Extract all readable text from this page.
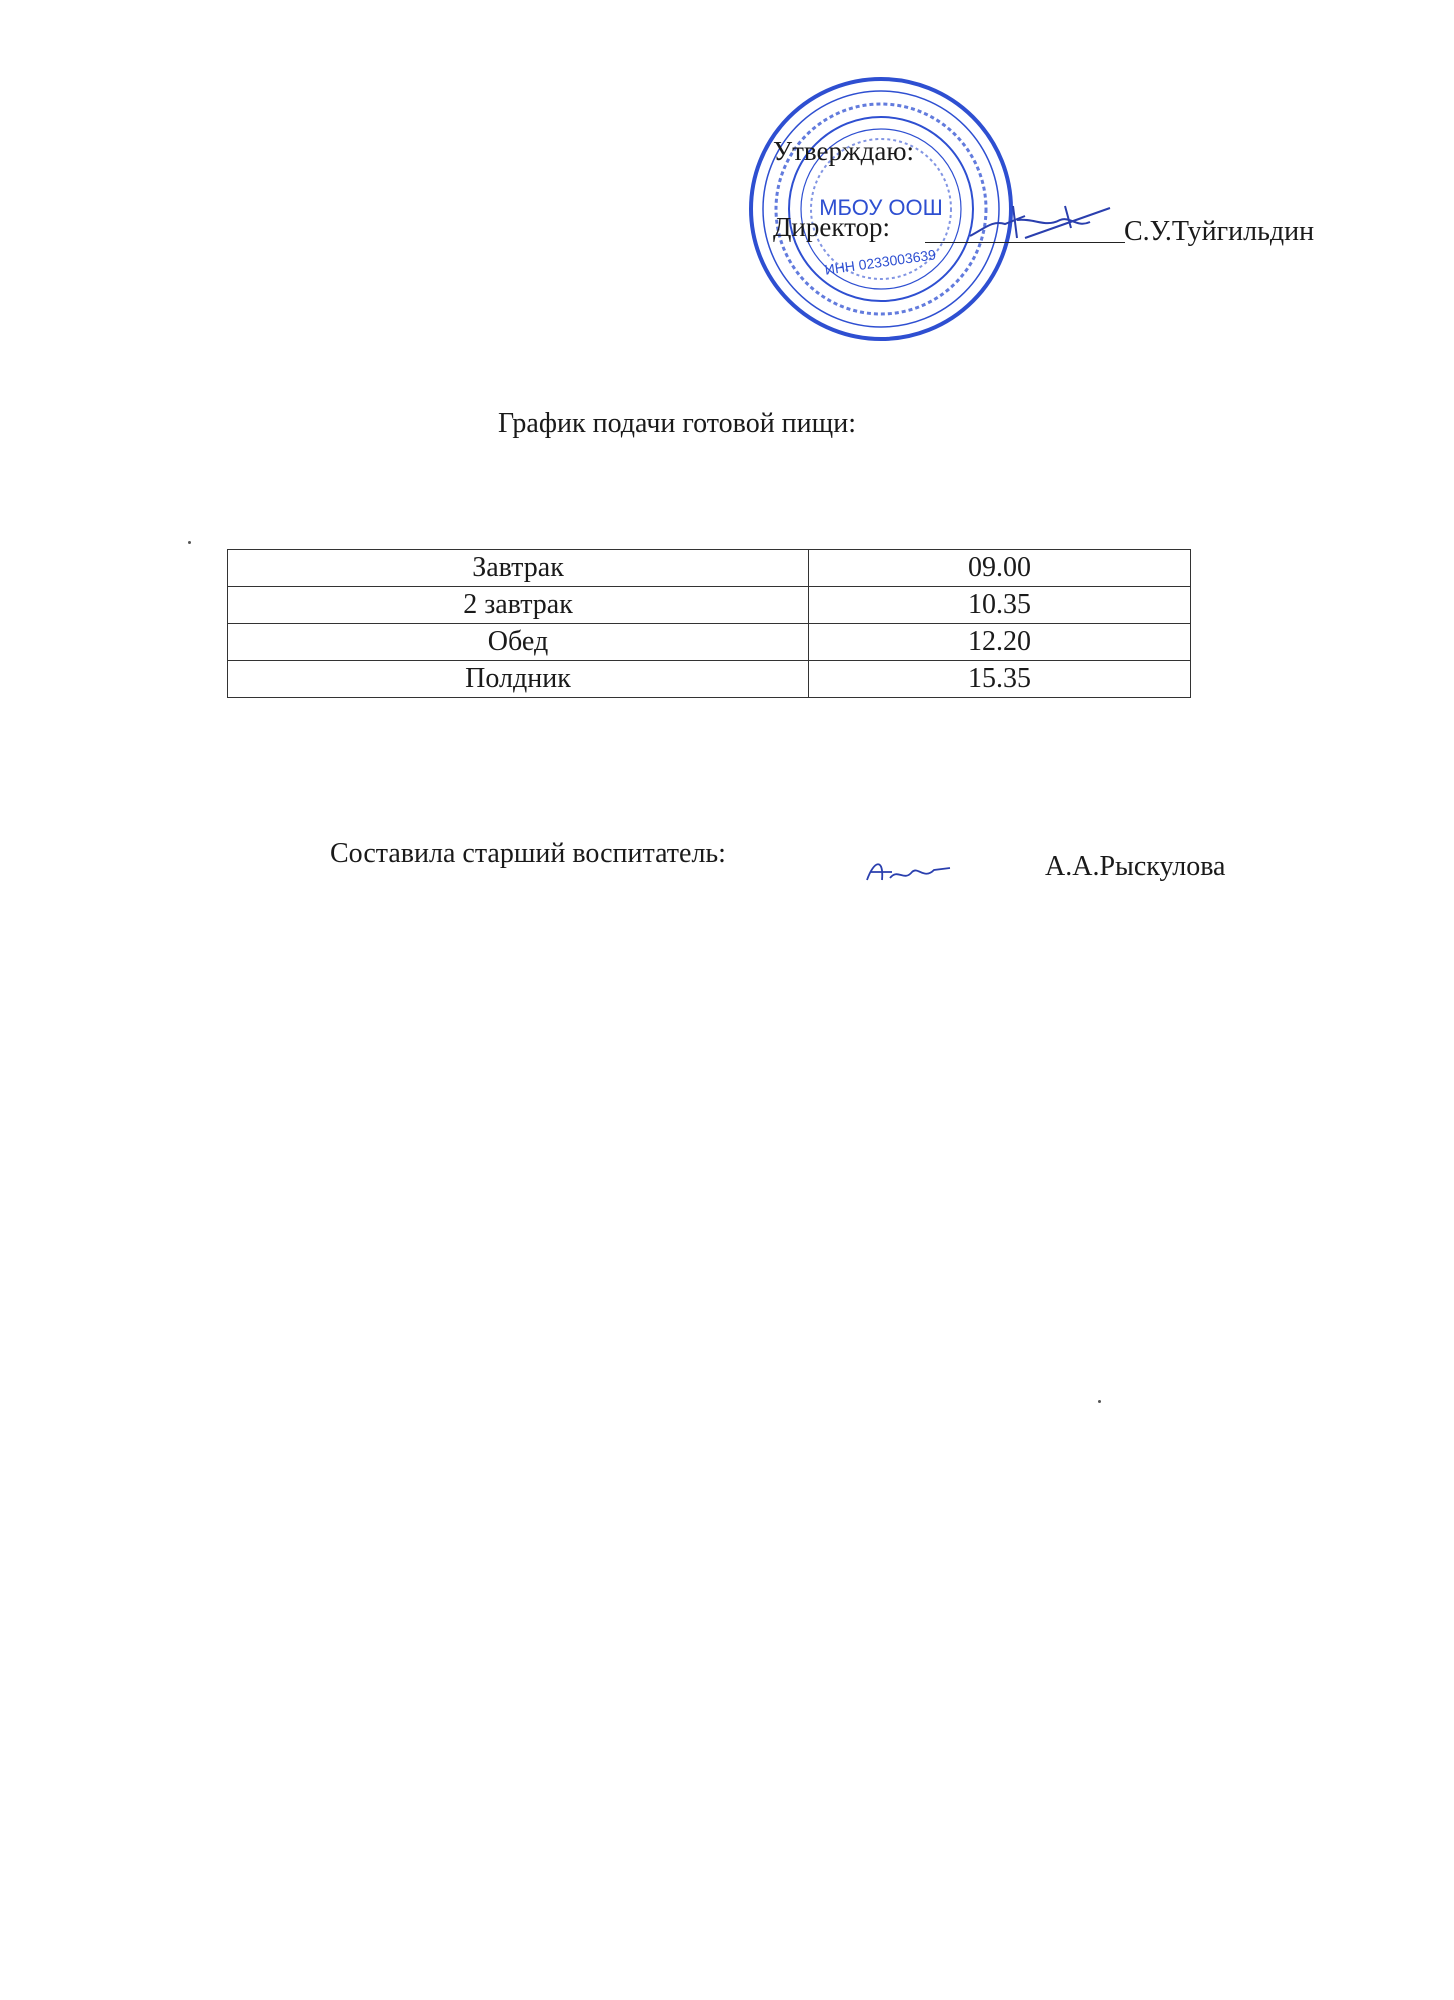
МБОУ ООШ
ИНН 0233003639
Утверждаю:
Директор:	С.У.Туйгильдин
График подачи готовой пищи:
Завтрак	09.00
2 завтрак	10.35
Обед	12.20
Полдник	15.35
Составила старший воспитатель:	А.А.Рыскулова
